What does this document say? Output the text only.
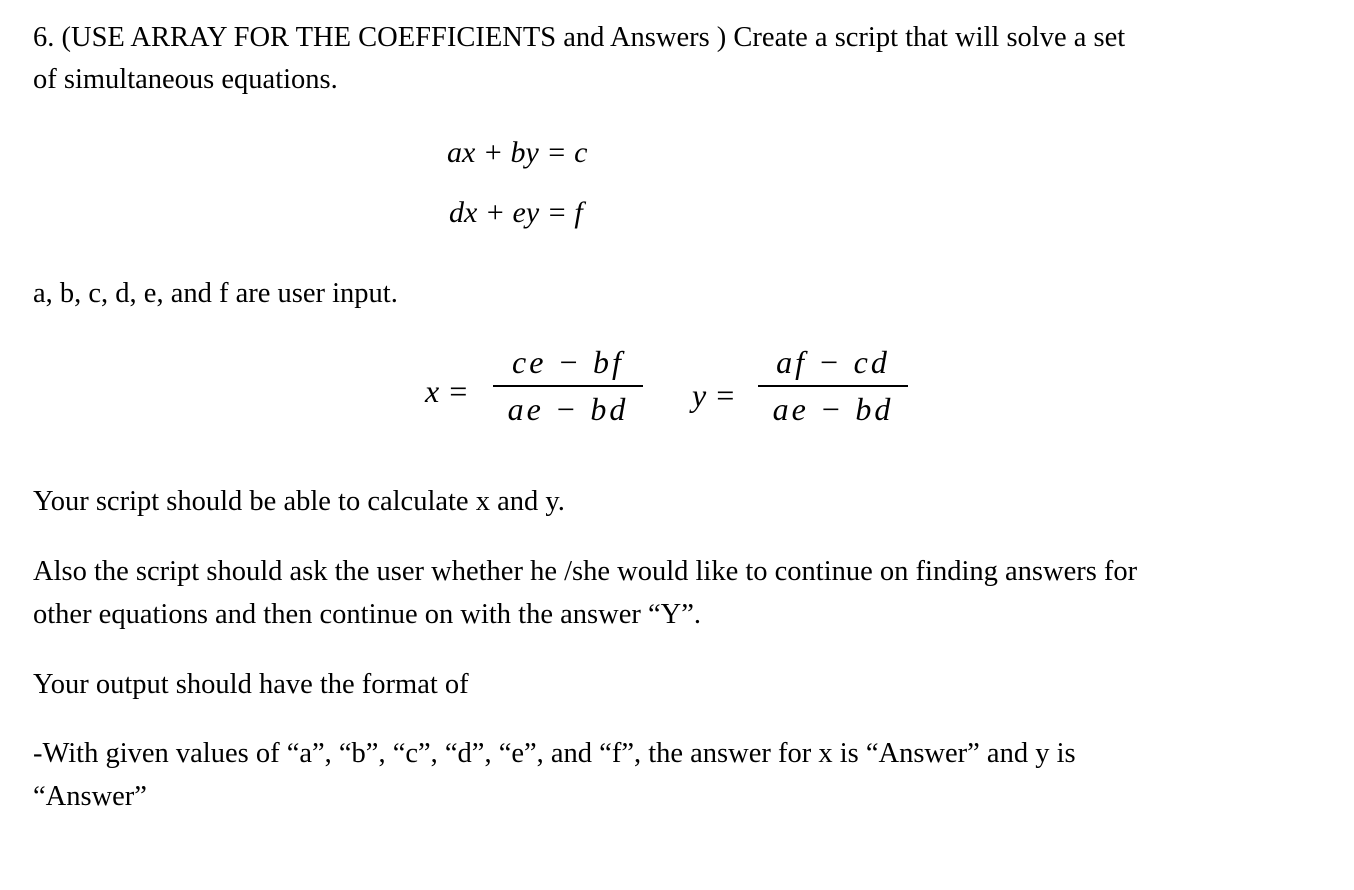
6. (USE ARRAY FOR THE COEFFICIENTS and Answers ) Create a script that will solve a set

of simultaneous equations.

ax + by = c
dx + ey = f

a, b, c, d, e, and f are user input.

x =
ce − bf
ae − bd	y =
af − cd
ae − bd

Your script should be able to calculate x and y.

Also the script should ask the user whether he /she would like to continue on finding answers for

other equations and then continue on with the answer “Y”.

Your output should have the format of

-With given values of “a”, “b”, “c”, “d”, “e”, and “f”, the answer for x is “Answer” and y is

“Answer”
